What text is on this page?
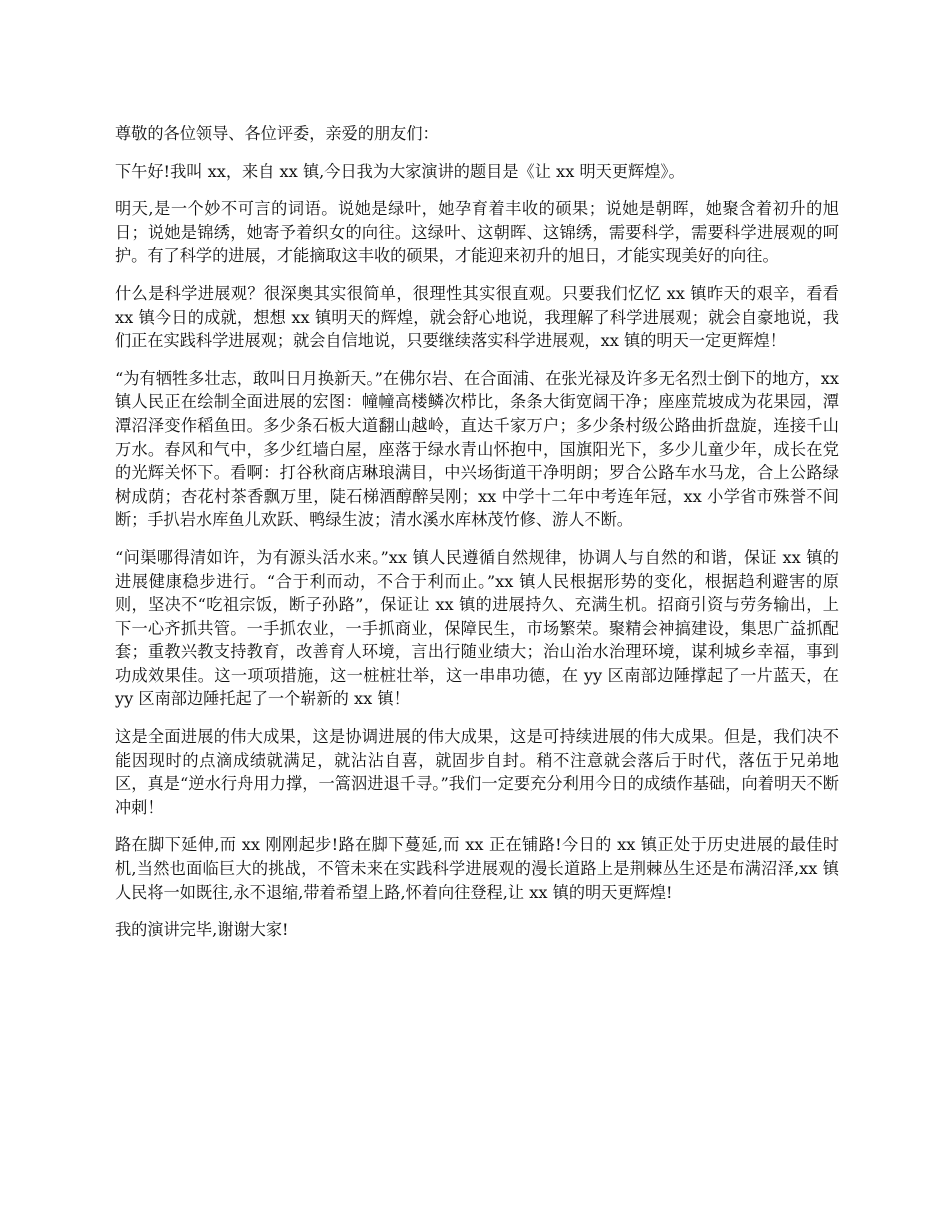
尊敬的各位领导、各位评委，亲爱的朋友们：

下午好!我叫 xx，来自 xx 镇,今日我为大家演讲的题目是《让 xx 明天更辉煌》。

明天,是一个妙不可言的词语。说她是绿叶，她孕育着丰收的硕果；说她是朝晖，她聚含着初升的旭日；说她是锦绣，她寄予着织女的向往。这绿叶、这朝晖、这锦绣，需要科学，需要科学进展观的呵护。有了科学的进展，才能摘取这丰收的硕果，才能迎来初升的旭日，才能实现美好的向往。

什么是科学进展观？很深奥其实很简单，很理性其实很直观。只要我们忆忆 xx 镇昨天的艰辛，看看 xx 镇今日的成就，想想 xx 镇明天的辉煌，就会舒心地说，我理解了科学进展观；就会自豪地说，我们正在实践科学进展观；就会自信地说，只要继续落实科学进展观，xx 镇的明天一定更辉煌！

“为有牺牲多壮志，敢叫日月换新天。”在佛尔岩、在合面浦、在张光禄及许多无名烈士倒下的地方，xx 镇人民正在绘制全面进展的宏图：幢幢高楼鳞次栉比，条条大街宽阔干净；座座荒坡成为花果园，潭潭沼泽变作稻鱼田。多少条石板大道翻山越岭，直达千家万户；多少条村级公路曲折盘旋，连接千山万水。春风和气中，多少红墙白屋，座落于绿水青山怀抱中，国旗阳光下，多少儿童少年，成长在党的光辉关怀下。看啊：打谷秋商店琳琅满目，中兴场街道干净明朗；罗合公路车水马龙，合上公路绿树成荫；杏花村茶香飘万里，陡石梯酒醇醉吴刚；xx 中学十二年中考连年冠，xx 小学省市殊誉不间断；手扒岩水库鱼儿欢跃、鸭绿生波；清水溪水库林茂竹修、游人不断。

“问渠哪得清如许，为有源头活水来。”xx 镇人民遵循自然规律，协调人与自然的和谐，保证 xx 镇的进展健康稳步进行。“合于利而动，不合于利而止。”xx 镇人民根据形势的变化，根据趋利避害的原则，坚决不“吃祖宗饭，断子孙路”，保证让 xx 镇的进展持久、充满生机。招商引资与劳务输出，上下一心齐抓共管。一手抓农业，一手抓商业，保障民生，市场繁荣。聚精会神搞建设，集思广益抓配套；重教兴教支持教育，改善育人环境，言出行随业绩大；治山治水治理环境，谋利城乡幸福，事到功成效果佳。这一项项措施，这一桩桩壮举，这一串串功德，在 yy 区南部边陲撑起了一片蓝天，在 yy 区南部边陲托起了一个崭新的 xx 镇！

这是全面进展的伟大成果，这是协调进展的伟大成果，这是可持续进展的伟大成果。但是，我们决不能因现时的点滴成绩就满足，就沾沾自喜，就固步自封。稍不注意就会落后于时代，落伍于兄弟地区，真是“逆水行舟用力撑，一篙泅进退千寻。”我们一定要充分利用今日的成绩作基础，向着明天不断冲刺！

路在脚下延伸,而 xx 刚刚起步!路在脚下蔓延,而 xx 正在铺路!今日的 xx 镇正处于历史进展的最佳时机,当然也面临巨大的挑战，不管未来在实践科学进展观的漫长道路上是荆棘丛生还是布满沼泽,xx 镇人民将一如既往,永不退缩,带着希望上路,怀着向往登程,让 xx 镇的明天更辉煌!

我的演讲完毕,谢谢大家!
